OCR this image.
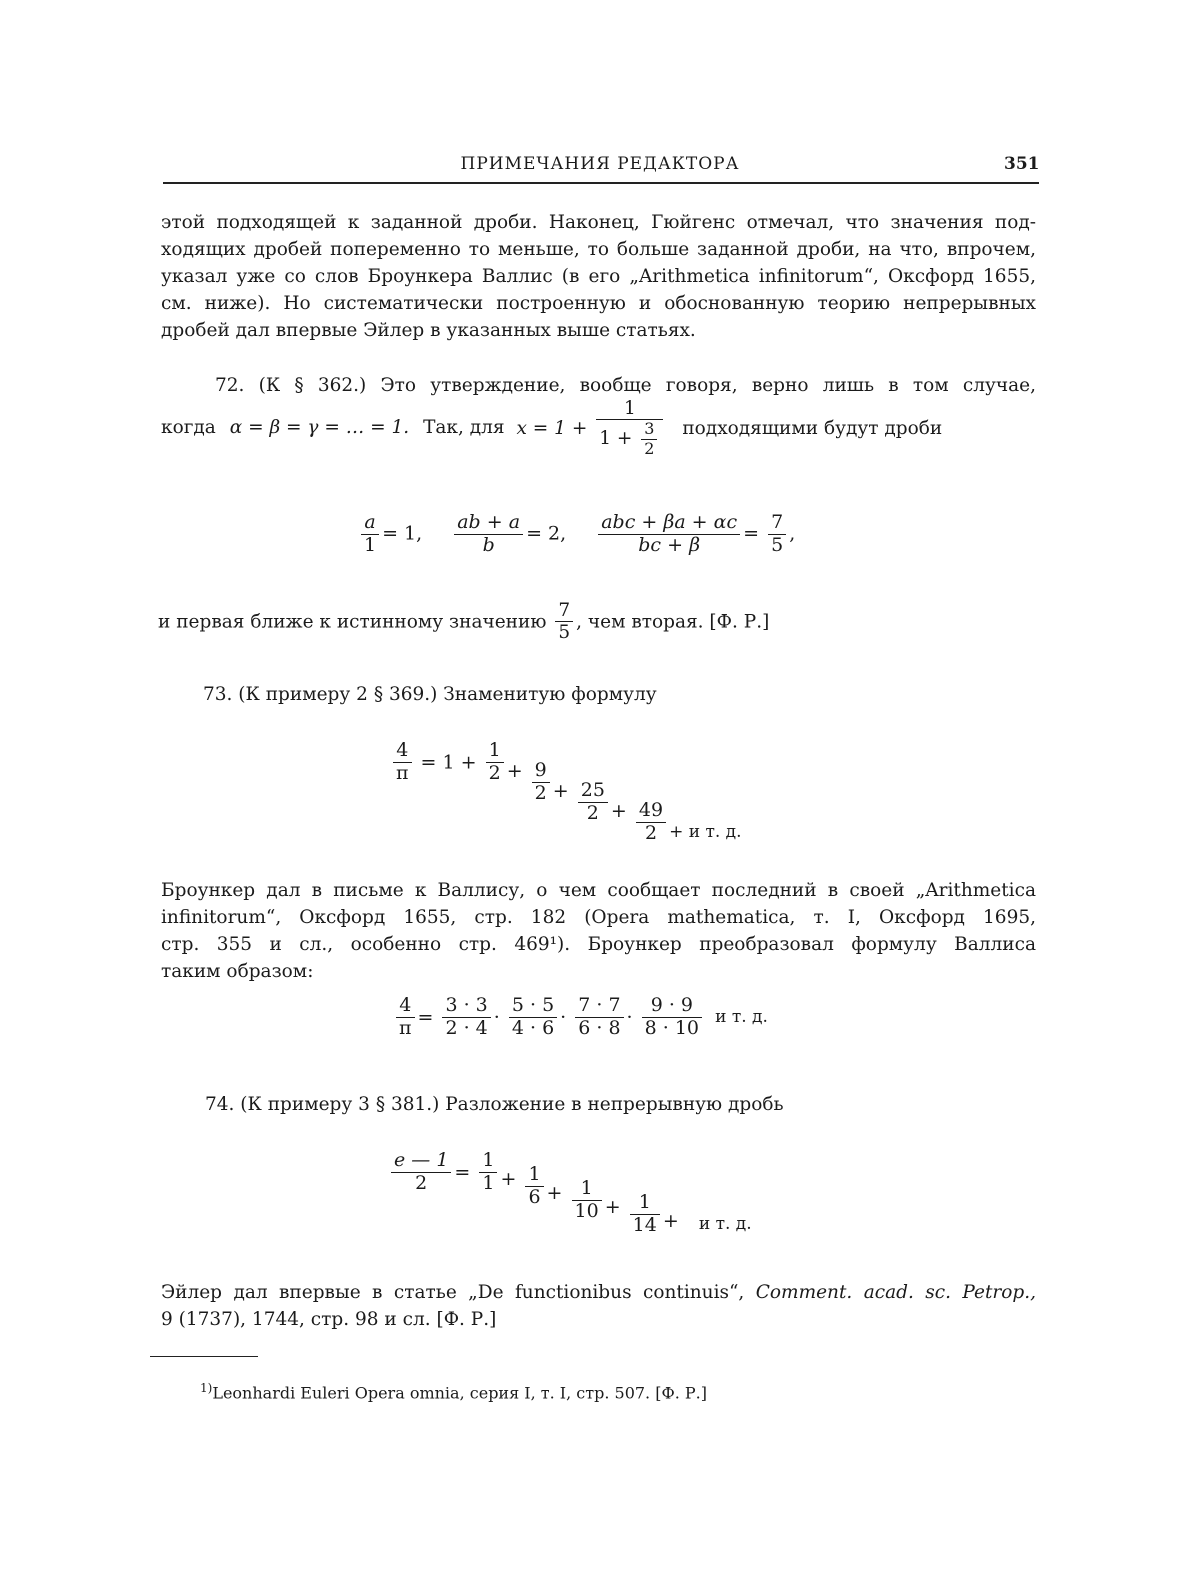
ПРИМЕЧАНИЯ РЕДАКТОРА	351
этой подходящей к заданной дроби. Наконец, Гюйгенс отмечал, что значения под-
ходящих дробей попеременно то меньше, то больше заданной дроби, на что, впрочем,
указал уже со слов Броункера Валлис (в его „Arithmetica infinitorum“, Оксфорд 1655,
см. ниже). Но систематически построенную и обоснованную теорию непрерывных
дробей дал впервые Эйлер в указанных выше статьях.
72. (К § 362.) Это утверждение, вообще говоря, верно лишь в том случае,
когда α = β = γ = … = 1. Так, для x = 1 +
1
1 + 3
2
подходящими будут дроби
a
1
= 1,
ab + a
b
= 2,
abc + βa + αc
bc + β
=
7
5
,
и первая ближе к истинному значению
7
5
, чем вторая. [Ф. Р.]
73. (К примеру 2 § 369.) Знаменитую формулу
4
π = 1 +
1
2 + 9
2 + 25
2 + 49
2 + и т. д.
Броункер дал в письме к Валлису, о чем сообщает последний в своей „Arithmetica
infinitorum“, Оксфорд 1655, стр. 182 (Opera mathematica, т. I, Оксфорд 1695,
стр. 355 и сл., особенно стр. 469¹). Броункер преобразовал формулу Валлиса
таким образом:
4
π =
3 · 3
2 · 4 ·
5 · 5
4 · 6 ·
7 · 7
6 · 8 ·
9 · 9
8 · 10 и т. д.
74. (К примеру 3 § 381.) Разложение в непрерывную дробь
e — 1
2	=
1
1 + 1
6 + 1
10 + 1
14 + и т. д.
Эйлер дал впервые в статье „De functionibus continuis“, Comment. acad. sc. Petrop.,
9 (1737), 1744, стр. 98 и сл. [Ф. Р.]
1)Leonhardi Euleri Opera omnia, серия I, т. I, стр. 507. [Ф. Р.]
